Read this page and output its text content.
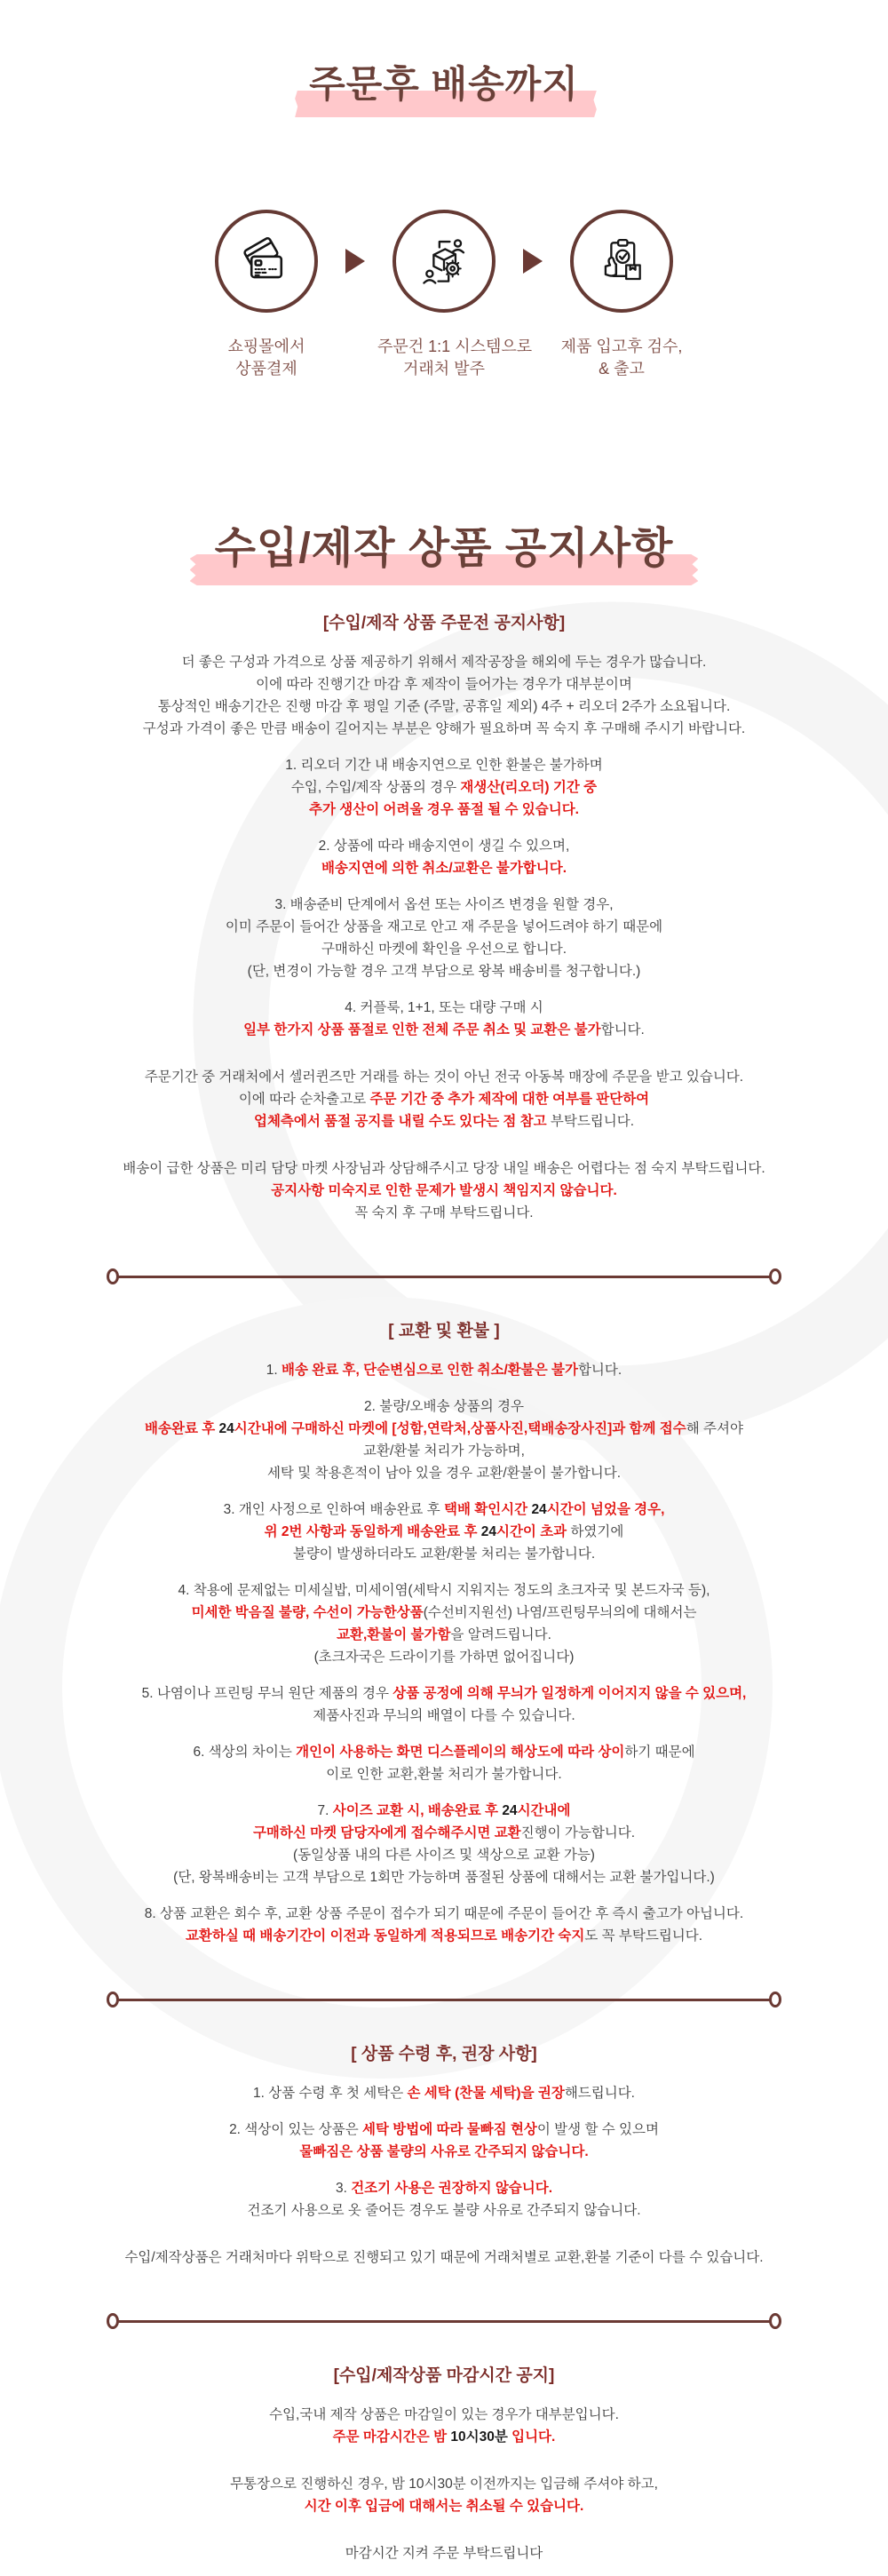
주문후 배송까지
쇼핑몰에서
상품결제
주문건 1:1 시스템으로
거래처 발주
제품 입고후 검수,
& 출고
수입/제작 상품 공지사항
[수입/제작 상품 주문전 공지사항]
더 좋은 구성과 가격으로 상품 제공하기 위해서 제작공장을 해외에 두는 경우가 많습니다.
이에 따라 진행기간 마감 후 제작이 들어가는 경우가 대부분이며
통상적인 배송기간은 진행 마감 후 평일 기준 (주말, 공휴일 제외) 4주 + 리오더 2주가 소요됩니다.
구성과 가격이 좋은 만큼 배송이 길어지는 부분은 양해가 필요하며 꼭 숙지 후 구매해 주시기 바랍니다.
1. 리오더 기간 내 배송지연으로 인한 환불은 불가하며
수입, 수입/제작 상품의 경우 재생산(리오더) 기간 중
추가 생산이 어려울 경우 품절 될 수 있습니다.
2. 상품에 따라 배송지연이 생길 수 있으며,
배송지연에 의한 취소/교환은 불가합니다.
3. 배송준비 단계에서 옵션 또는 사이즈 변경을 원할 경우,
이미 주문이 들어간 상품을 재고로 안고 재 주문을 넣어드려야 하기 때문에
구매하신 마켓에 확인을 우선으로 합니다.
(단, 변경이 가능할 경우 고객 부담으로 왕복 배송비를 청구합니다.)
4. 커플룩, 1+1, 또는 대량 구매 시
일부 한가지 상품 품절로 인한 전체 주문 취소 및 교환은 불가합니다.
주문기간 중 거래처에서 셀러퀸즈만 거래를 하는 것이 아닌 전국 아동복 매장에 주문을 받고 있습니다.
이에 따라 순차출고로 주문 기간 중 추가 제작에 대한 여부를 판단하여
업체측에서 품절 공지를 내릴 수도 있다는 점 참고 부탁드립니다.
배송이 급한 상품은 미리 담당 마켓 사장님과 상담해주시고 당장 내일 배송은 어렵다는 점 숙지 부탁드립니다.
공지사항 미숙지로 인한 문제가 발생시 책임지지 않습니다.
꼭 숙지 후 구매 부탁드립니다.
[ 교환 및 환불 ]
1. 배송 완료 후, 단순변심으로 인한 취소/환불은 불가합니다.
2. 불량/오배송 상품의 경우
배송완료 후 24시간내에 구매하신 마켓에 [성함,연락처,상품사진,택배송장사진]과 함께 접수해 주셔야
교환/환불 처리가 가능하며,
세탁 및 착용흔적이 남아 있을 경우 교환/환불이 불가합니다.
3. 개인 사정으로 인하여 배송완료 후 택배 확인시간 24시간이 넘었을 경우,
위 2번 사항과 동일하게 배송완료 후 24시간이 초과 하였기에
불량이 발생하더라도 교환/환불 처리는 불가합니다.
4. 착용에 문제없는 미세실밥, 미세이염(세탁시 지워지는 정도의 초크자국 및 본드자국 등),
미세한 박음질 불량, 수선이 가능한상품(수선비지원선) 나염/프린팅무늬의에 대해서는
교환,환불이 불가함을 알려드립니다.
(초크자국은 드라이기를 가하면 없어집니다)
5. 나염이나 프린팅 무늬 원단 제품의 경우 상품 공정에 의해 무늬가 일정하게 이어지지 않을 수 있으며,
제품사진과 무늬의 배열이 다를 수 있습니다.
6. 색상의 차이는 개인이 사용하는 화면 디스플레이의 해상도에 따라 상이하기 때문에
이로 인한 교환,환불 처리가 불가합니다.
7. 사이즈 교환 시, 배송완료 후 24시간내에
구매하신 마켓 담당자에게 접수해주시면 교환진행이 가능합니다.
(동일상품 내의 다른 사이즈 및 색상으로 교환 가능)
(단, 왕복배송비는 고객 부담으로 1회만 가능하며 품절된 상품에 대해서는 교환 불가입니다.)
8. 상품 교환은 회수 후, 교환 상품 주문이 접수가 되기 때문에 주문이 들어간 후 즉시 출고가 아닙니다.
교환하실 때 배송기간이 이전과 동일하게 적용되므로 배송기간 숙지도 꼭 부탁드립니다.
[ 상품 수령 후, 권장 사항]
1. 상품 수령 후 첫 세탁은 손 세탁 (찬물 세탁)을 권장해드립니다.
2. 색상이 있는 상품은 세탁 방법에 따라 물빠짐 현상이 발생 할 수 있으며
물빠짐은 상품 불량의 사유로 간주되지 않습니다.
3. 건조기 사용은 권장하지 않습니다.
건조기 사용으로 옷 줄어든 경우도 불량 사유로 간주되지 않습니다.
수입/제작상품은 거래처마다 위탁으로 진행되고 있기 때문에 거래처별로 교환,환불 기준이 다를 수 있습니다.
[수입/제작상품 마감시간 공지]
수입,국내 제작 상품은 마감일이 있는 경우가 대부분입니다.
주문 마감시간은 밤 10시30분 입니다.
무통장으로 진행하신 경우, 밤 10시30분 이전까지는 입금해 주셔야 하고,
시간 이후 입금에 대해서는 취소될 수 있습니다.
마감시간 지켜 주문 부탁드립니다
